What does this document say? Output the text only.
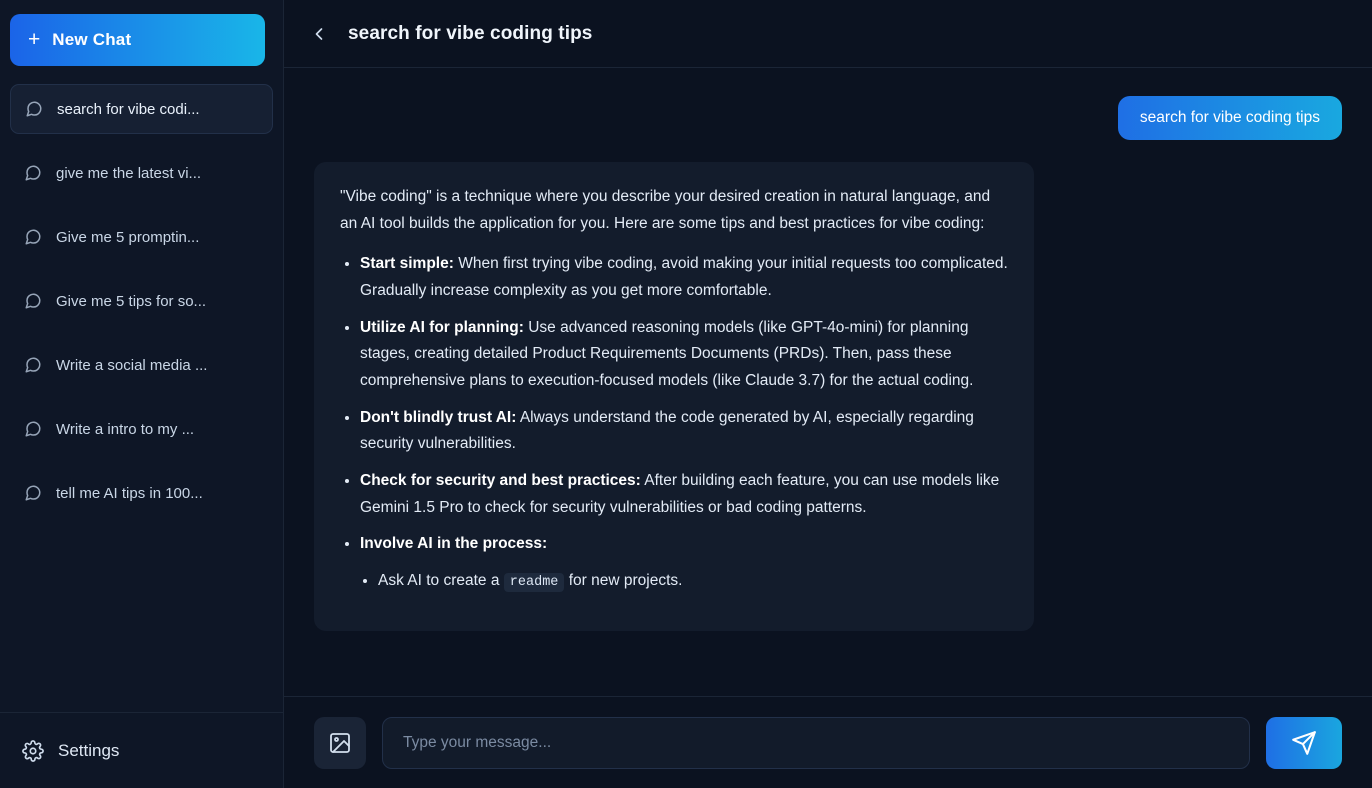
+ New Chat
search for vibe codi...
give me the latest vi...
Give me 5 promptin...
Give me 5 tips for so...
Write a social media ...
Write a intro to my ...
tell me AI tips in 100...
Settings
search for vibe coding tips
search for vibe coding tips

"Vibe coding" is a technique where you describe your desired creation in natural language, and an AI tool builds the application for you. Here are some tips and best practices for vibe coding:

• Start simple: When first trying vibe coding, avoid making your initial requests too complicated. Gradually increase complexity as you get more comfortable.
• Utilize AI for planning: Use advanced reasoning models (like GPT-4o-mini) for planning stages, creating detailed Product Requirements Documents (PRDs). Then, pass these comprehensive plans to execution-focused models (like Claude 3.7) for the actual coding.
• Don't blindly trust AI: Always understand the code generated by AI, especially regarding security vulnerabilities.
• Check for security and best practices: After building each feature, you can use models like Gemini 1.5 Pro to check for security vulnerabilities or bad coding patterns.
• Involve AI in the process:
• Ask AI to create a readme for new projects.
Type your message...
